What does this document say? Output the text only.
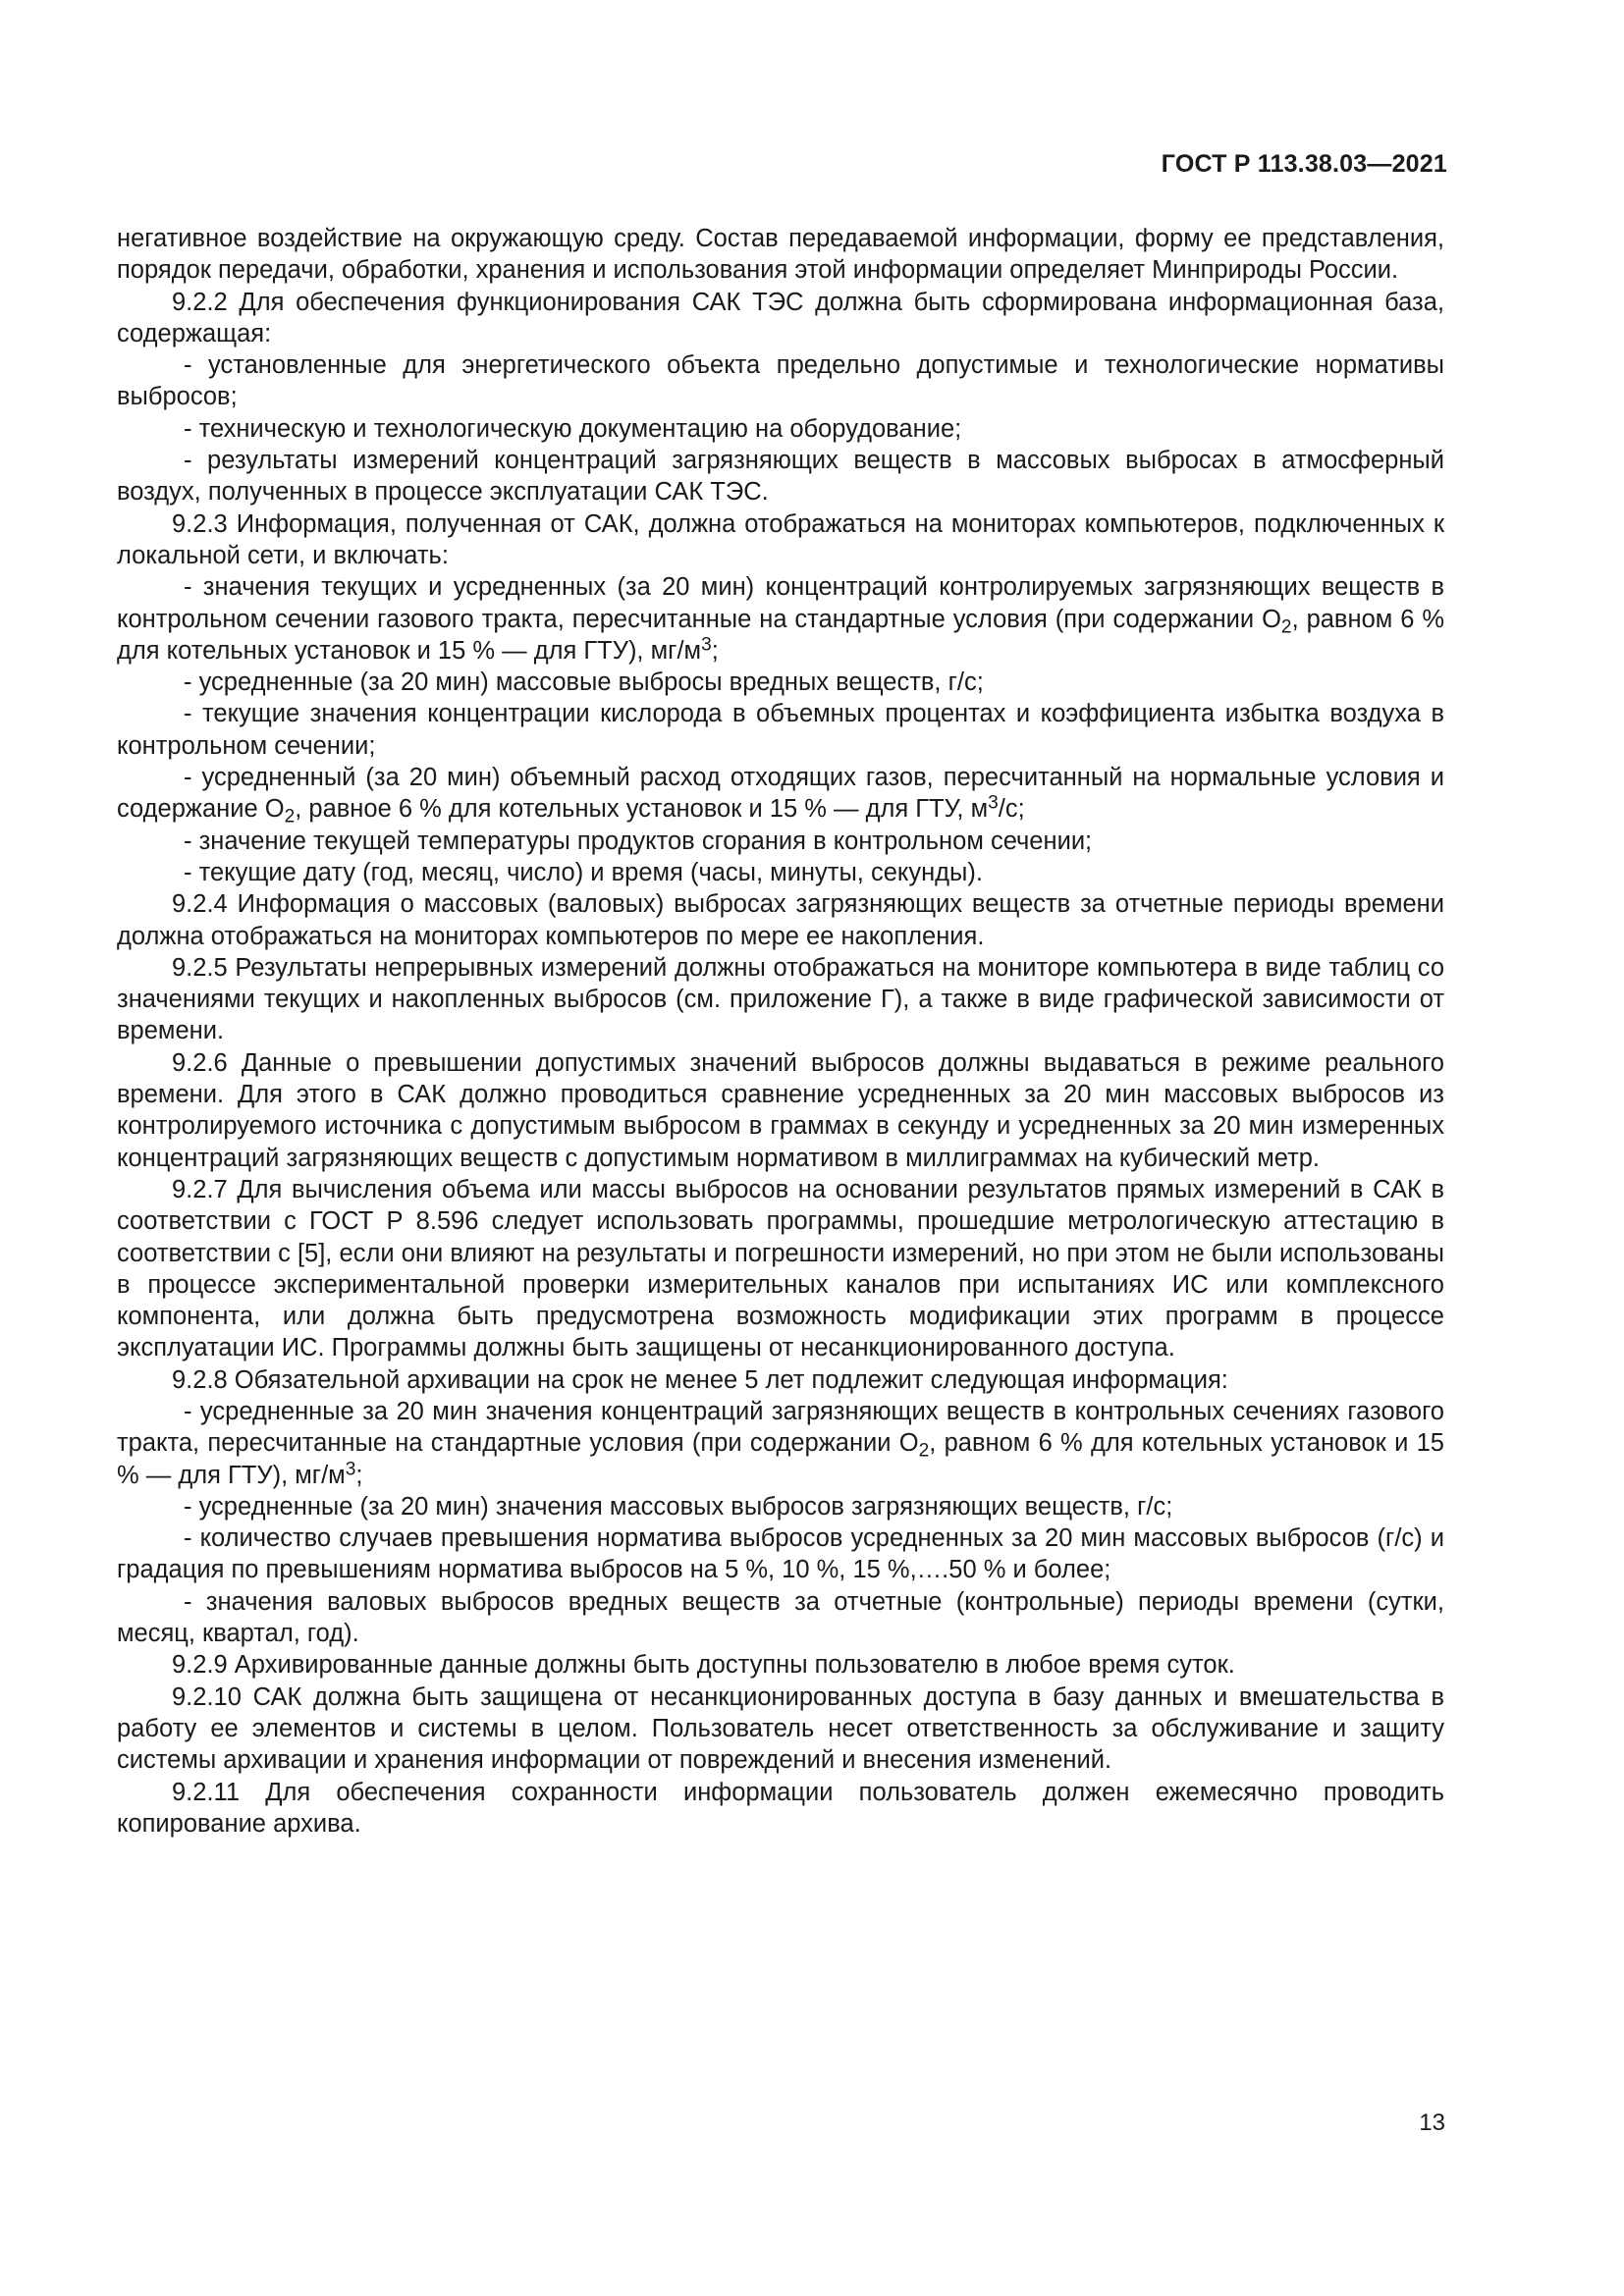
ГОСТ Р 113.38.03—2021

негативное воздействие на окружающую среду. Состав передаваемой информации, форму ее представления, порядок передачи, обработки, хранения и использования этой информации определяет Минприроды России.

9.2.2 Для обеспечения функционирования САК ТЭС должна быть сформирована информационная база, содержащая:

- установленные для энергетического объекта предельно допустимые и технологические нормативы выбросов;

- техническую и технологическую документацию на оборудование;

- результаты измерений концентраций загрязняющих веществ в массовых выбросах в атмосферный воздух, полученных в процессе эксплуатации САК ТЭС.

9.2.3 Информация, полученная от САК, должна отображаться на мониторах компьютеров, подключенных к локальной сети, и включать:

- значения текущих и усредненных (за 20 мин) концентраций контролируемых загрязняющих веществ в контрольном сечении газового тракта, пересчитанные на стандартные условия (при содержании $O_2$, равном 6 % для котельных установок и 15 % — для ГТУ), $мг/м^3$;

- усредненные (за 20 мин) массовые выбросы вредных веществ, г/с;

- текущие значения концентрации кислорода в объемных процентах и коэффициента избытка воздуха в контрольном сечении;

- усредненный (за 20 мин) объемный расход отходящих газов, пересчитанный на нормальные условия и содержание $O_2$, равное 6 % для котельных установок и 15 % — для ГТУ, $м^3/с$;

- значение текущей температуры продуктов сгорания в контрольном сечении;

- текущие дату (год, месяц, число) и время (часы, минуты, секунды).

9.2.4 Информация о массовых (валовых) выбросах загрязняющих веществ за отчетные периоды времени должна отображаться на мониторах компьютеров по мере ее накопления.

9.2.5 Результаты непрерывных измерений должны отображаться на мониторе компьютера в виде таблиц со значениями текущих и накопленных выбросов (см. приложение Г), а также в виде графической зависимости от времени.

9.2.6 Данные о превышении допустимых значений выбросов должны выдаваться в режиме реального времени. Для этого в САК должно проводиться сравнение усредненных за 20 мин массовых выбросов из контролируемого источника с допустимым выбросом в граммах в секунду и усредненных за 20 мин измеренных концентраций загрязняющих веществ с допустимым нормативом в миллиграммах на кубический метр.

9.2.7 Для вычисления объема или массы выбросов на основании результатов прямых измерений в САК в соответствии с ГОСТ Р 8.596 следует использовать программы, прошедшие метрологическую аттестацию в соответствии с [5], если они влияют на результаты и погрешности измерений, но при этом не были использованы в процессе экспериментальной проверки измерительных каналов при испытаниях ИС или комплексного компонента, или должна быть предусмотрена возможность модификации этих программ в процессе эксплуатации ИС. Программы должны быть защищены от несанкционированного доступа.

9.2.8 Обязательной архивации на срок не менее 5 лет подлежит следующая информация:

- усредненные за 20 мин значения концентраций загрязняющих веществ в контрольных сечениях газового тракта, пересчитанные на стандартные условия (при содержании $O_2$, равном 6 % для котельных установок и 15 % — для ГТУ), $мг/м^3$;

- усредненные (за 20 мин) значения массовых выбросов загрязняющих веществ, г/с;

- количество случаев превышения норматива выбросов усредненных за 20 мин массовых выбросов (г/с) и градация по превышениям норматива выбросов на 5 %, 10 %, 15 %,….50 % и более;

- значения валовых выбросов вредных веществ за отчетные (контрольные) периоды времени (сутки, месяц, квартал, год).

9.2.9 Архивированные данные должны быть доступны пользователю в любое время суток.

9.2.10 САК должна быть защищена от несанкционированных доступа в базу данных и вмешательства в работу ее элементов и системы в целом. Пользователь несет ответственность за обслуживание и защиту системы архивации и хранения информации от повреждений и внесения изменений.

9.2.11 Для обеспечения сохранности информации пользователь должен ежемесячно проводить копирование архива.

13
